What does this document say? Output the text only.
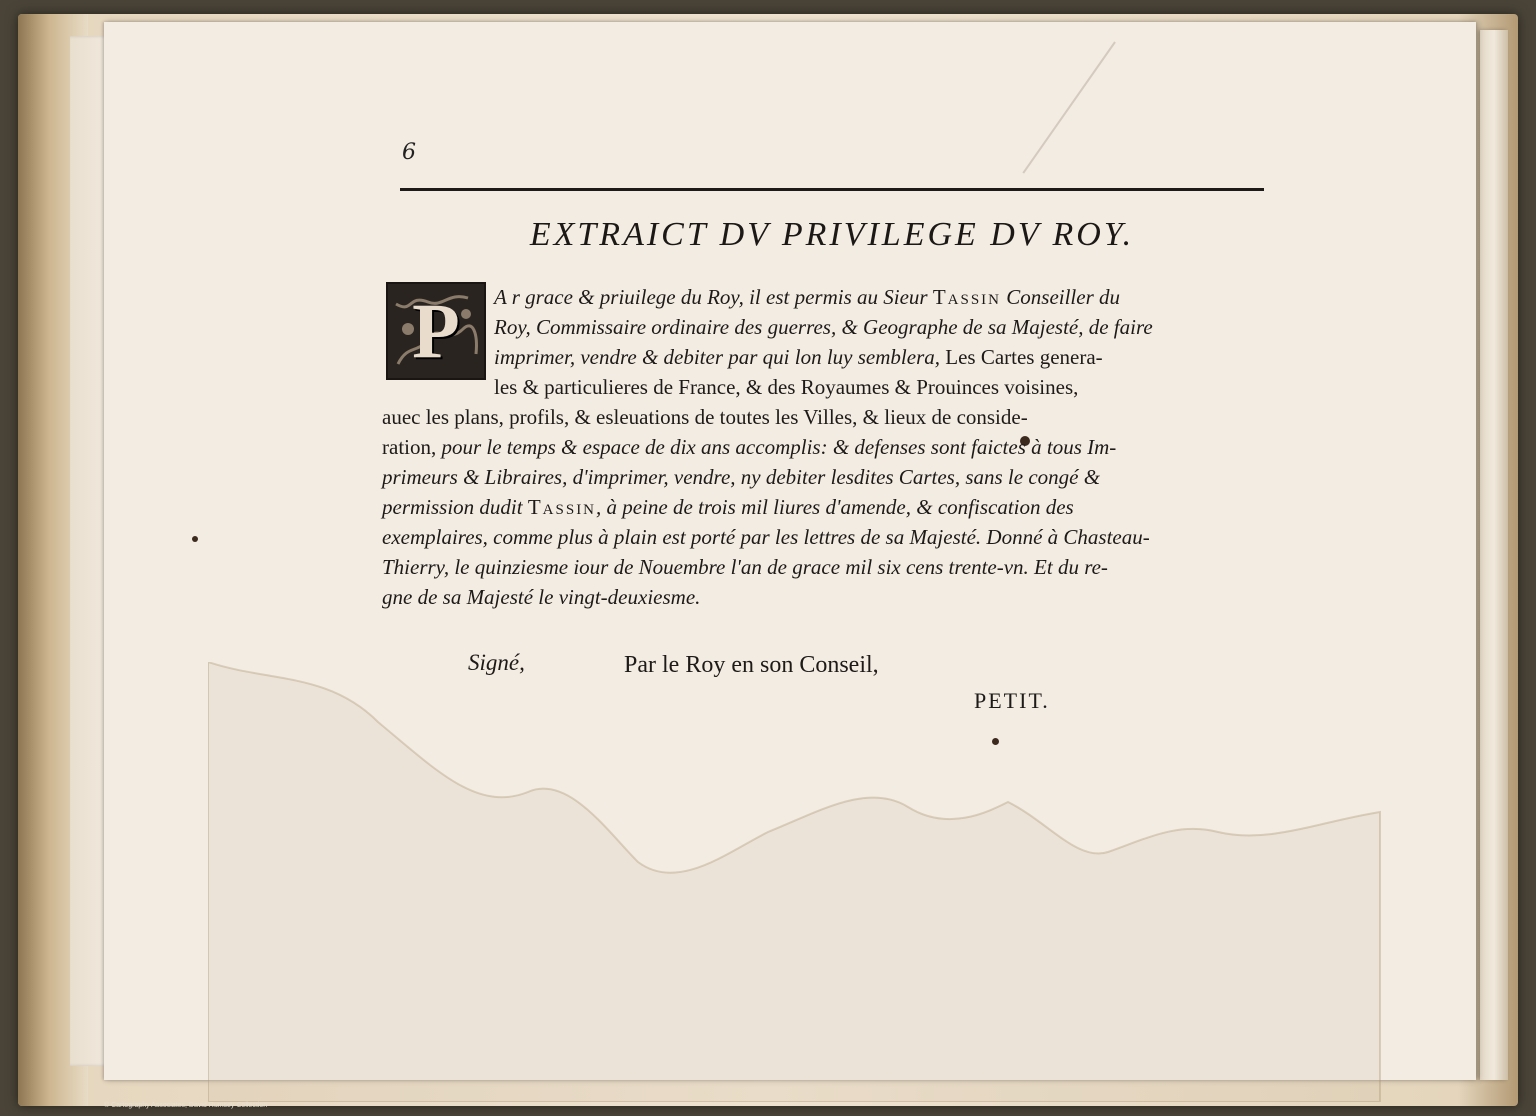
6
EXTRAICT DV PRIVILEGE DV ROY.
A r grace & priuilege du Roy, il est permis au Sieur Tassin Conseiller du
Roy, Commissaire ordinaire des guerres, & Geographe de sa Majesté, de faire
imprimer, vendre & debiter par qui lon luy semblera, Les Cartes genera-
les & particulieres de France, & des Royaumes & Prouinces voisines,
auec les plans, profils, & esleuations de toutes les Villes, & lieux de conside-
ration, pour le temps & espace de dix ans accomplis: & defenses sont faictes à tous Im-
primeurs & Libraires, d'imprimer, vendre, ny debiter lesdites Cartes, sans le congé &
permission dudit Tassin, à peine de trois mil liures d'amende, & confiscation des
exemplaires, comme plus à plain est porté par les lettres de sa Majesté. Donné à Chasteau-
Thierry, le quinziesme iour de Nouembre l'an de grace mil six cens trente-vn. Et du re-
gne de sa Majesté le vingt-deuxiesme.
P
Signé,	Par le Roy en son Conseil,
PETIT.
© Cartography Associates, David Rumsey Collection
